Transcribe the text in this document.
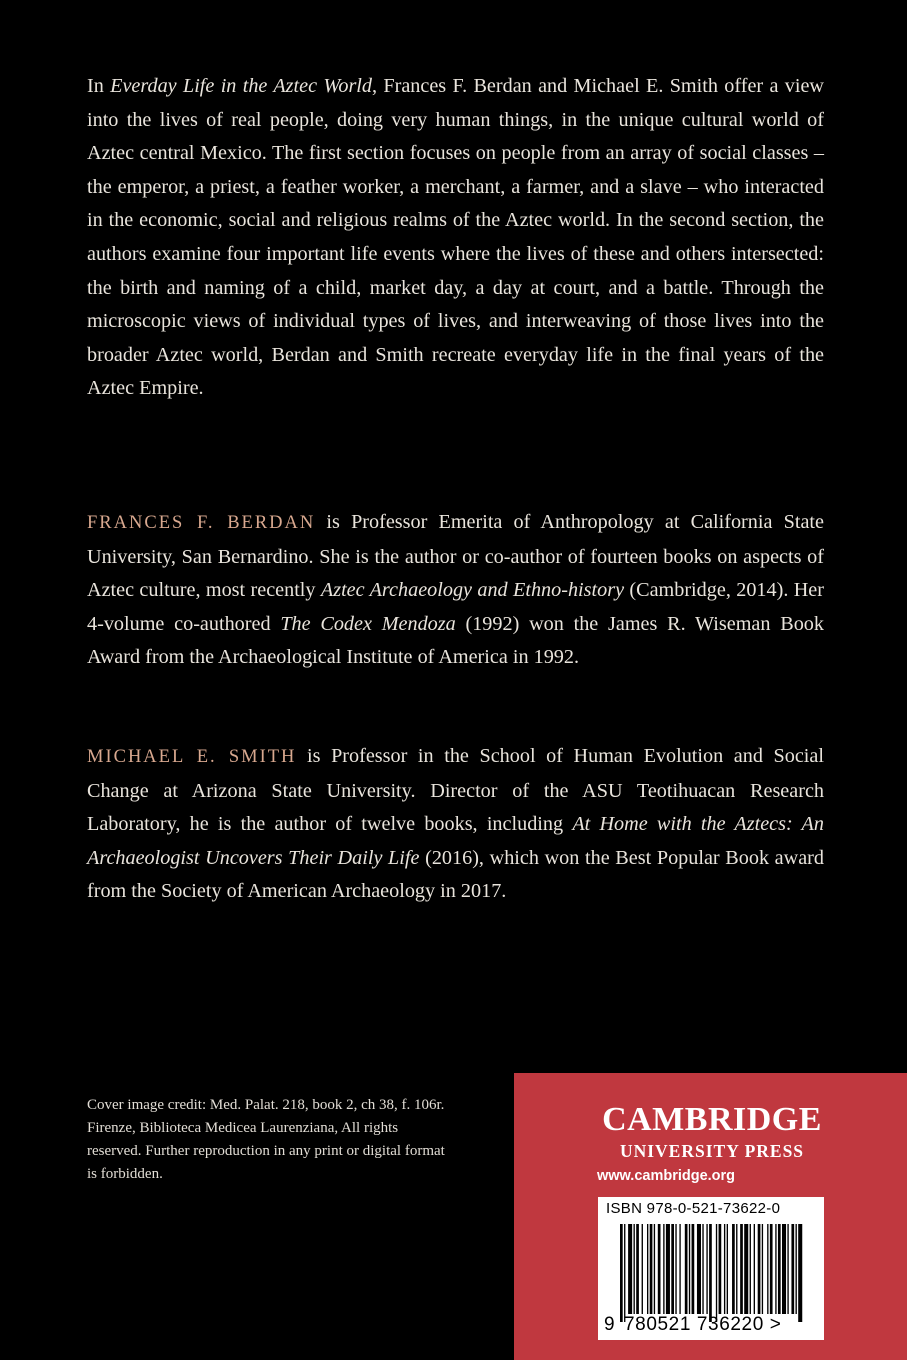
In Everday Life in the Aztec World, Frances F. Berdan and Michael E. Smith offer a view into the lives of real people, doing very human things, in the unique cultural world of Aztec central Mexico. The first section focuses on people from an array of social classes – the emperor, a priest, a feather worker, a merchant, a farmer, and a slave – who interacted in the economic, social and religious realms of the Aztec world. In the second section, the authors examine four important life events where the lives of these and others intersected: the birth and naming of a child, market day, a day at court, and a battle. Through the microscopic views of individual types of lives, and interweaving of those lives into the broader Aztec world, Berdan and Smith recreate everyday life in the final years of the Aztec Empire.
FRANCES F. BERDAN is Professor Emerita of Anthropology at California State University, San Bernardino. She is the author or co-author of fourteen books on aspects of Aztec culture, most recently Aztec Archaeology and Ethno-history (Cambridge, 2014). Her 4-volume co-authored The Codex Mendoza (1992) won the James R. Wiseman Book Award from the Archaeological Institute of America in 1992.
MICHAEL E. SMITH is Professor in the School of Human Evolution and Social Change at Arizona State University. Director of the ASU Teotihuacan Research Laboratory, he is the author of twelve books, including At Home with the Aztecs: An Archaeologist Uncovers Their Daily Life (2016), which won the Best Popular Book award from the Society of American Archaeology in 2017.

Cover image credit: Med. Palat. 218, book 2, ch 38, f. 106r. Firenze, Biblioteca Medicea Laurenziana, All rights reserved. Further reproduction in any print or digital format is forbidden.

CAMBRIDGE
UNIVERSITY PRESS
www.cambridge.org
ISBN 978-0-521-73622-0
9 780521 736220 >
